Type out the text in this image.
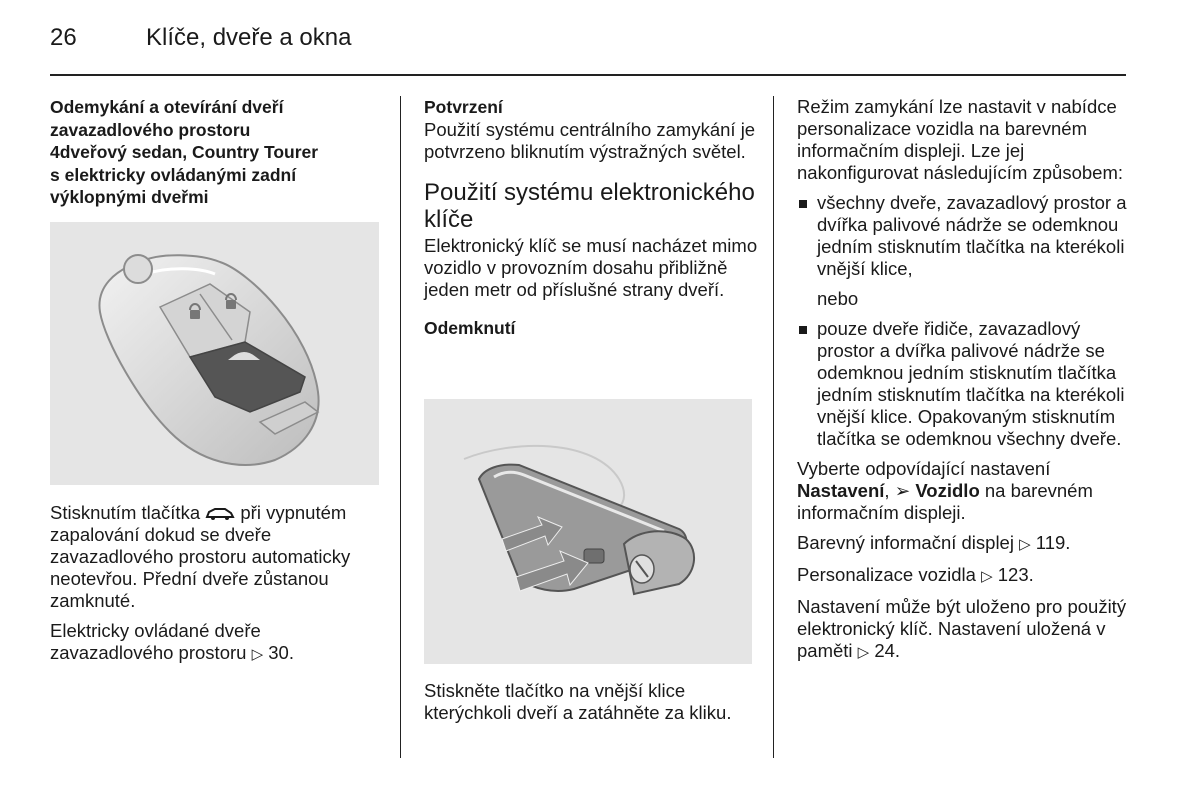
26	Klíče, dveře a okna
Odemykání a otevírání dveří
zavazadlového prostoru
4dveřový sedan, Country Tourer
s elektricky ovládanými zadní
výklopnými dveřmi

Stisknutím tlačítka při vypnutém zapalování dokud se dveře zavazadlového prostoru automaticky neotevřou. Přední dveře zůstanou zamknuté.

Elektricky ovládané dveře zavazadlového prostoru ▷ 30.

Potvrzení

Použití systému centrálního zamykání je potvrzeno bliknutím výstražných světel.

Použití systému elektronického
klíče

Elektronický klíč se musí nacházet mimo vozidlo v provozním dosahu přibližně jeden metr od příslušné strany dveří.

Odemknutí

Stiskněte tlačítko na vnější klice kterýchkoli dveří a zatáhněte za kliku.

Režim zamykání lze nastavit v nabídce personalizace vozidla na barevném informačním displeji. Lze jej nakonfigurovat následujícím způsobem:

všechny dveře, zavazadlový prostor a dvířka palivové nádrže se odemknou jedním stisknutím tlačítka na kterékoli vnější klice,
nebo
pouze dveře řidiče, zavazadlový prostor a dvířka palivové nádrže se odemknou jedním stisknutím tlačítka jedním stisknutím tlačítka na kterékoli vnější klice. Opakovaným stisknutím tlačítka se odemknou všechny dveře.

Vyberte odpovídající nastavení Nastavení, ➢ Vozidlo na barevném informačním displeji.

Barevný informační displej ▷ 119.

Personalizace vozidla ▷ 123.

Nastavení může být uloženo pro použitý elektronický klíč. Nastavení uložená v paměti ▷ 24.
